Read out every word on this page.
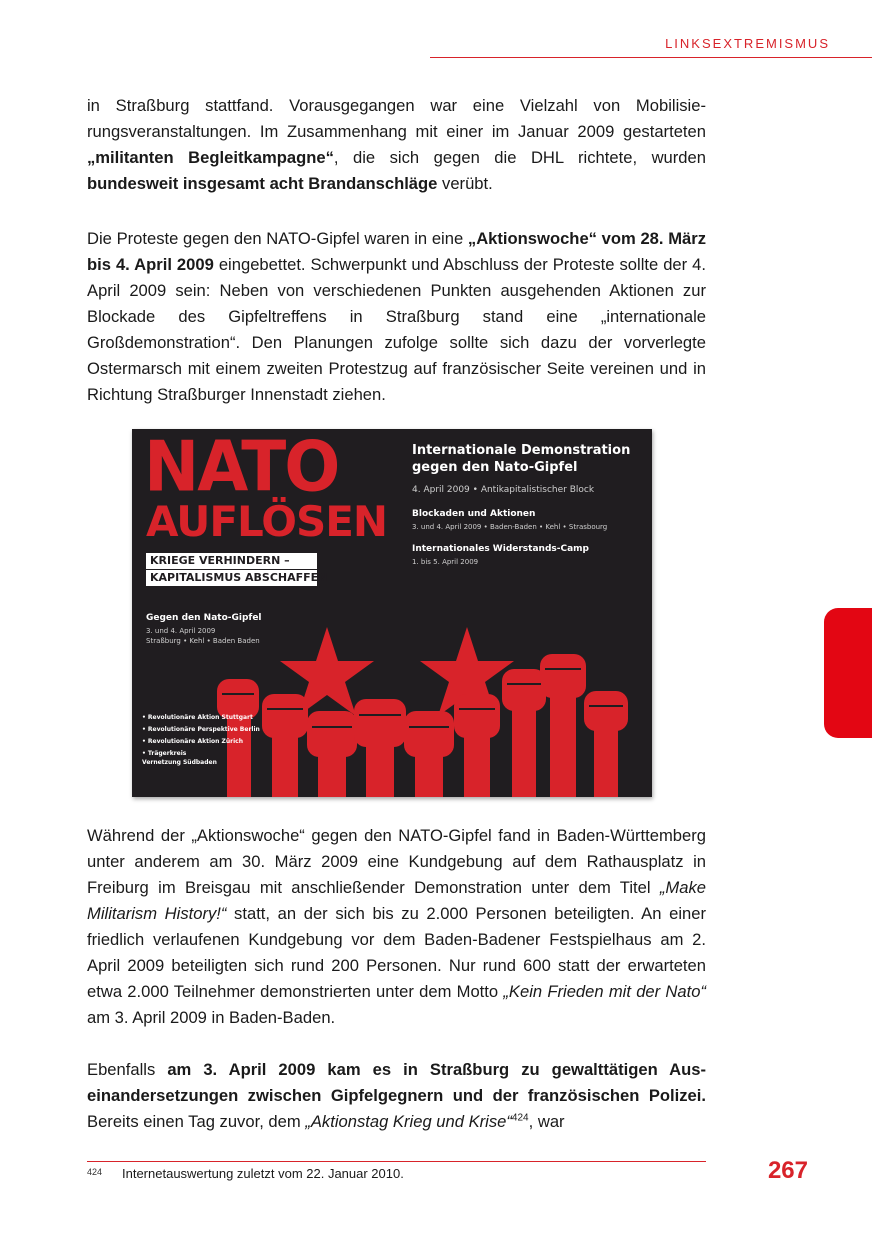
LINKSEXTREMISMUS

in Straßburg stattfand. Vorausgegangen war eine Vielzahl von Mobilisierungsveranstaltungen. Im Zusammenhang mit einer im Januar 2009 gestarteten „militanten Begleitkampagne“, die sich gegen die DHL richtete, wurden bundesweit insgesamt acht Brandanschläge verübt.

Die Proteste gegen den NATO-Gipfel waren in eine „Aktionswoche“ vom 28. März bis 4. April 2009 eingebettet. Schwerpunkt und Abschluss der Proteste sollte der 4. April 2009 sein: Neben von verschiedenen Punkten ausgehenden Aktionen zur Blockade des Gipfeltreffens in Straßburg stand eine „internationale Großdemonstration“. Den Planungen zufolge sollte sich dazu der vorverlegte Ostermarsch mit einem zweiten Protestzug auf französischer Seite vereinen und in Richtung Straßburger Innenstadt ziehen.

NATO
AUFLÖSEN
KRIEGE VERHINDERN –
KAPITALISMUS ABSCHAFFEN
Gegen den Nato-Gipfel
3. und 4. April 2009
Straßburg • Kehl • Baden Baden
Internationale Demonstration
gegen den Nato-Gipfel
4. April 2009 • Antikapitalistischer Block
Blockaden und Aktionen
3. und 4. April 2009 • Baden-Baden • Kehl • Strasbourg
Internationales Widerstands-Camp
1. bis 5. April 2009
• Revolutionäre Aktion Stuttgart
• Revolutionäre Perspektive Berlin
• Revolutionäre Aktion Zürich
• Trägerkreis
Vernetzung Südbaden

Während der „Aktionswoche“ gegen den NATO-Gipfel fand in Baden-Württemberg unter anderem am 30. März 2009 eine Kundgebung auf dem Rathausplatz in Freiburg im Breisgau mit anschließender Demonstration unter dem Titel „Make Militarism History!“ statt, an der sich bis zu 2.000 Personen beteiligten. An einer friedlich verlaufenen Kundgebung vor dem Baden-Badener Festspielhaus am 2. April 2009 beteiligten sich rund 200 Personen. Nur rund 600 statt der erwarteten etwa 2.000 Teilnehmer demonstrierten unter dem Motto „Kein Frieden mit der Nato“ am 3. April 2009 in Baden-Baden.

Ebenfalls am 3. April 2009 kam es in Straßburg zu gewalttätigen Auseinandersetzungen zwischen Gipfelgegnern und der französischen Polizei. Bereits einen Tag zuvor, dem „Aktionstag Krieg und Krise“$^{424}$, war

424 Internetauswertung zuletzt vom 22. Januar 2010.	267
